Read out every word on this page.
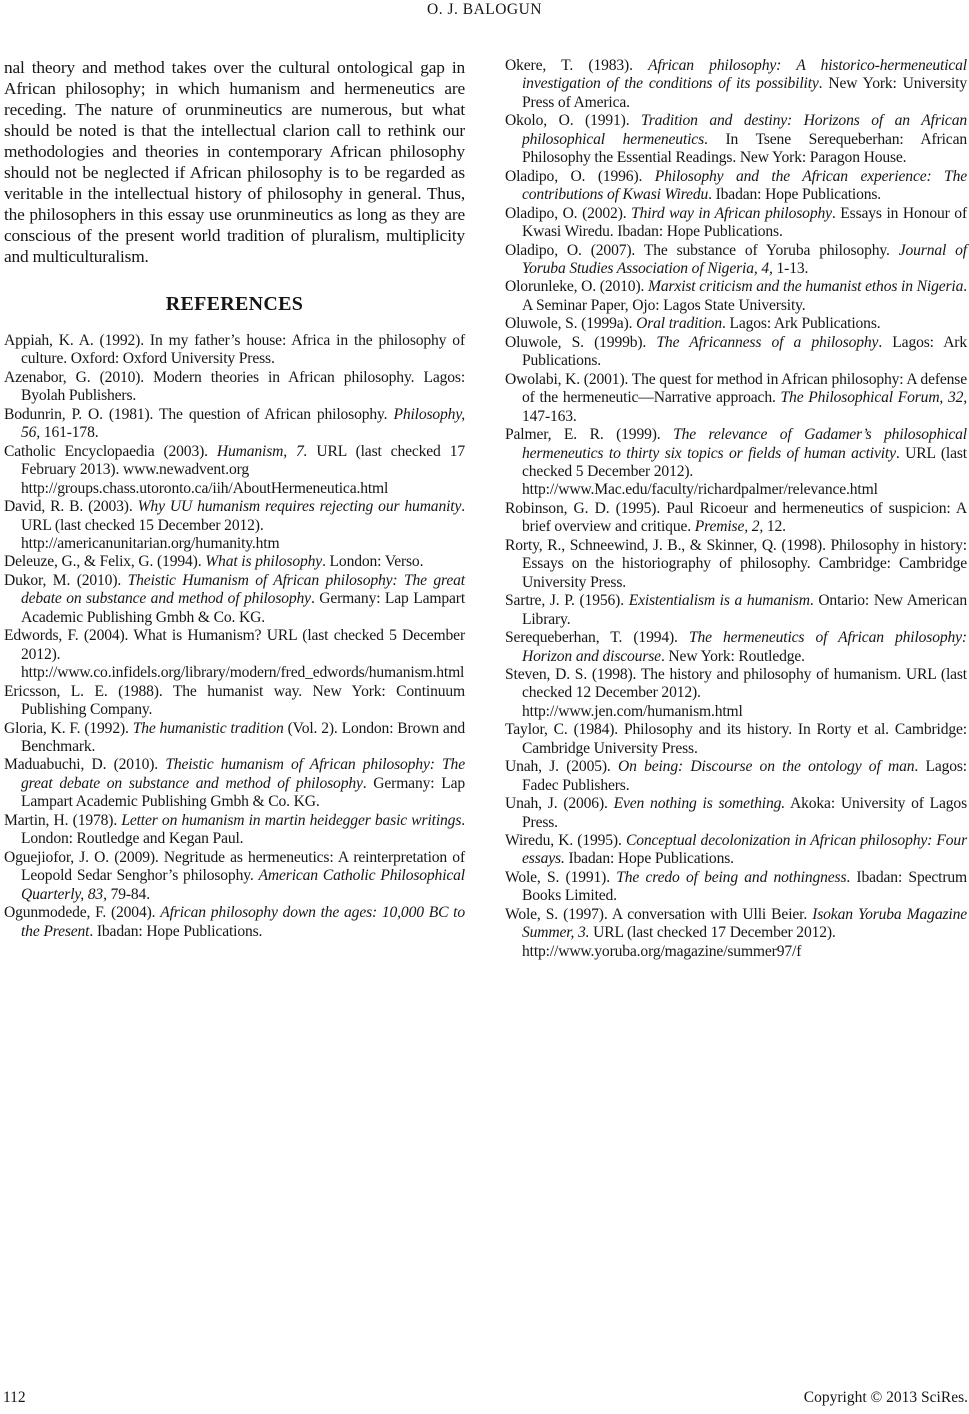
O. J. BALOGUN

nal theory and method takes over the cultural ontological gap in African philosophy; in which humanism and hermeneutics are receding. The nature of orunmineutics are numerous, but what should be noted is that the intellectual clarion call to rethink our methodologies and theories in contemporary African philosophy should not be neglected if African philosophy is to be regarded as veritable in the intellectual history of philosophy in general. Thus, the philosophers in this essay use orunmineutics as long as they are conscious of the present world tradition of pluralism, multiplicity and multiculturalism.

REFERENCES

Appiah, K. A. (1992). In my father’s house: Africa in the philosophy of culture. Oxford: Oxford University Press.

Azenabor, G. (2010). Modern theories in African philosophy. Lagos: Byolah Publishers.

Bodunrin, P. O. (1981). The question of African philosophy. Philosophy, 56, 161-178.

Catholic Encyclopaedia (2003). Humanism, 7. URL (last checked 17 February 2013). www.newadvent.org
http://groups.chass.utoronto.ca/iih/AboutHermeneutica.html

David, R. B. (2003). Why UU humanism requires rejecting our humanity. URL (last checked 15 December 2012).
http://americanunitarian.org/humanity.htm

Deleuze, G., & Felix, G. (1994). What is philosophy. London: Verso.

Dukor, M. (2010). Theistic Humanism of African philosophy: The great debate on substance and method of philosophy. Germany: Lap Lampart Academic Publishing Gmbh & Co. KG.

Edwords, F. (2004). What is Humanism? URL (last checked 5 December 2012).
http://www.co.infidels.org/library/modern/fred_edwords/humanism.html

Ericsson, L. E. (1988). The humanist way. New York: Continuum Publishing Company.

Gloria, K. F. (1992). The humanistic tradition (Vol. 2). London: Brown and Benchmark.

Maduabuchi, D. (2010). Theistic humanism of African philosophy: The great debate on substance and method of philosophy. Germany: Lap Lampart Academic Publishing Gmbh & Co. KG.

Martin, H. (1978). Letter on humanism in martin heidegger basic writings. London: Routledge and Kegan Paul.

Oguejiofor, J. O. (2009). Negritude as hermeneutics: A reinterpretation of Leopold Sedar Senghor’s philosophy. American Catholic Philosophical Quarterly, 83, 79-84.

Ogunmodede, F. (2004). African philosophy down the ages: 10,000 BC to the Present. Ibadan: Hope Publications.

Okere, T. (1983). African philosophy: A historico-hermeneutical investigation of the conditions of its possibility. New York: University Press of America.

Okolo, O. (1991). Tradition and destiny: Horizons of an African philosophical hermeneutics. In Tsene Serequeberhan: African Philosophy the Essential Readings. New York: Paragon House.

Oladipo, O. (1996). Philosophy and the African experience: The contributions of Kwasi Wiredu. Ibadan: Hope Publications.

Oladipo, O. (2002). Third way in African philosophy. Essays in Honour of Kwasi Wiredu. Ibadan: Hope Publications.

Oladipo, O. (2007). The substance of Yoruba philosophy. Journal of Yoruba Studies Association of Nigeria, 4, 1-13.

Olorunleke, O. (2010). Marxist criticism and the humanist ethos in Nigeria. A Seminar Paper, Ojo: Lagos State University.

Oluwole, S. (1999a). Oral tradition. Lagos: Ark Publications.

Oluwole, S. (1999b). The Africanness of a philosophy. Lagos: Ark Publications.

Owolabi, K. (2001). The quest for method in African philosophy: A defense of the hermeneutic—Narrative approach. The Philosophical Forum, 32, 147-163.

Palmer, E. R. (1999). The relevance of Gadamer’s philosophical hermeneutics to thirty six topics or fields of human activity. URL (last checked 5 December 2012).
http://www.Mac.edu/faculty/richardpalmer/relevance.html

Robinson, G. D. (1995). Paul Ricoeur and hermeneutics of suspicion: A brief overview and critique. Premise, 2, 12.

Rorty, R., Schneewind, J. B., & Skinner, Q. (1998). Philosophy in history: Essays on the historiography of philosophy. Cambridge: Cambridge University Press.

Sartre, J. P. (1956). Existentialism is a humanism. Ontario: New American Library.

Serequeberhan, T. (1994). The hermeneutics of African philosophy: Horizon and discourse. New York: Routledge.

Steven, D. S. (1998). The history and philosophy of humanism. URL (last checked 12 December 2012).
http://www.jen.com/humanism.html

Taylor, C. (1984). Philosophy and its history. In Rorty et al. Cambridge: Cambridge University Press.

Unah, J. (2005). On being: Discourse on the ontology of man. Lagos: Fadec Publishers.

Unah, J. (2006). Even nothing is something. Akoka: University of Lagos Press.

Wiredu, K. (1995). Conceptual decolonization in African philosophy: Four essays. Ibadan: Hope Publications.

Wole, S. (1991). The credo of being and nothingness. Ibadan: Spectrum Books Limited.

Wole, S. (1997). A conversation with Ulli Beier. Isokan Yoruba Magazine Summer, 3. URL (last checked 17 December 2012).
http://www.yoruba.org/magazine/summer97/f

112	Copyright © 2013 SciRes.
